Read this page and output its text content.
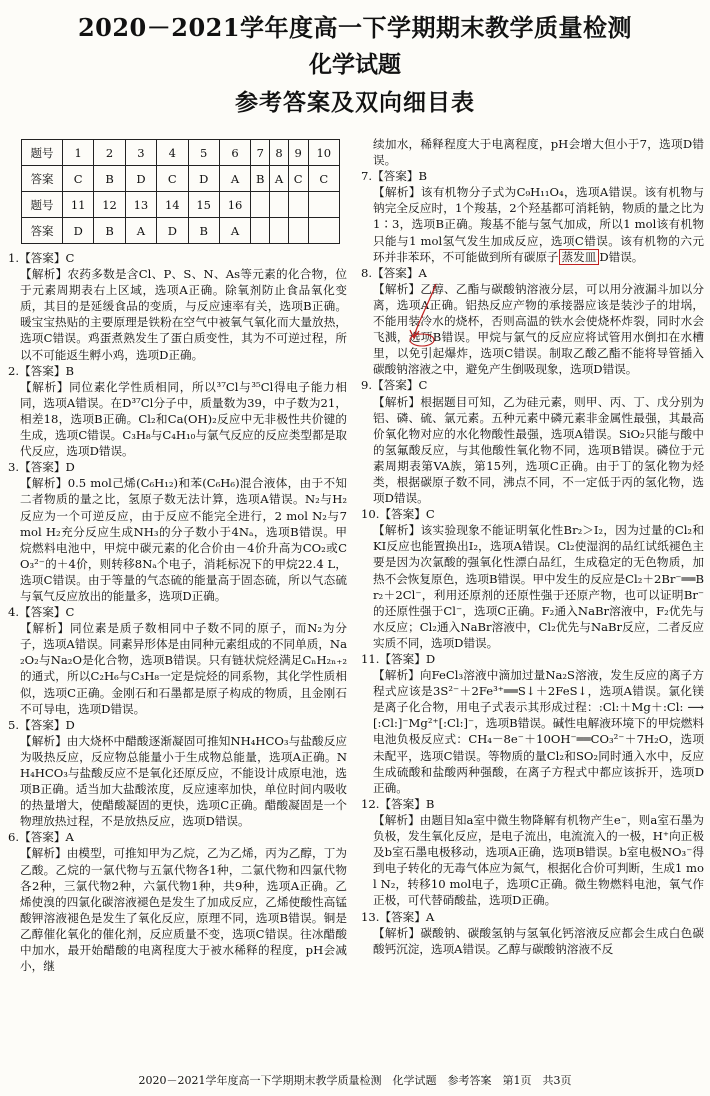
2020－2021学年度高一下学期期末教学质量检测
化学试题
参考答案及双向细目表
题号	1	2	3	4	5	6	7	8	9	10
答案	C	B	D	C	D	A	B	A	C	C
题号	11	12	13	14	15	16				
答案	D	B	A	D	B	A				

1.【答案】C

【解析】农药多数是含Cl、P、S、N、As等元素的化合物，位于元素周期表右上区域，选项A正确。除氧剂防止食品氧化变质，其目的是延缓食品的变质，与反应速率有关，选项B正确。暖宝宝热贴的主要原理是铁粉在空气中被氧气氧化而大量放热，选项C错误。鸡蛋煮熟发生了蛋白质变性，其为不可逆过程，所以不可能返生孵小鸡，选项D正确。

2.【答案】B

【解析】同位素化学性质相同，所以³⁷Cl与³⁵Cl得电子能力相同，选项A错误。在D³⁷Cl分子中，质量数为39，中子数为21，相差18，选项B正确。Cl₂和Ca(OH)₂反应中无非极性共价键的生成，选项C错误。C₃H₈与C₄H₁₀与氯气反应的反应类型都是取代反应，选项D错误。

3.【答案】D

【解析】0.5 mol己烯(C₆H₁₂)和苯(C₆H₆)混合液体，由于不知二者物质的量之比，氢原子数无法计算，选项A错误。N₂与H₂反应为一个可逆反应，由于反应不能完全进行，2 mol N₂与7 mol H₂充分反应生成NH₃的分子数小于4Nₐ，选项B错误。甲烷燃料电池中，甲烷中碳元素的化合价由－4价升高为CO₂或CO₃²⁻的＋4价，则转移8Nₐ个电子，消耗标况下的甲烷22.4 L，选项C错误。由于等量的气态硫的能量高于固态硫，所以气态硫与氧气反应放出的能量多，选项D正确。

4.【答案】C

【解析】同位素是质子数相同中子数不同的原子，而N₂为分子，选项A错误。同素异形体是由同种元素组成的不同单质，Na₂O₂与Na₂O是化合物，选项B错误。只有链状烷烃满足CₙH₂ₙ₊₂的通式，所以C₂H₆与C₃H₈一定是烷烃的同系物，其化学性质相似，选项C正确。金刚石和石墨都是原子构成的物质，且金刚石不可导电，选项D错误。

5.【答案】D

【解析】由大烧杯中醋酸逐渐凝固可推知NH₄HCO₃与盐酸反应为吸热反应，反应物总能量小于生成物总能量，选项A正确。NH₄HCO₃与盐酸反应不是氧化还原反应，不能设计成原电池，选项B正确。适当加大盐酸浓度，反应速率加快，单位时间内吸收的热量增大，使醋酸凝固的更快，选项C正确。醋酸凝固是一个物理放热过程，不是放热反应，选项D错误。

6.【答案】A

【解析】由模型，可推知甲为乙烷，乙为乙烯，丙为乙醇，丁为乙酸。乙烷的一氯代物与五氯代物各1种，二氯代物和四氯代物各2种，三氯代物2种，六氯代物1种，共9种，选项A正确。乙烯使溴的四氯化碳溶液褪色是发生了加成反应，乙烯使酸性高锰酸钾溶液褪色是发生了氧化反应，原理不同，选项B错误。铜是乙醇催化氧化的催化剂，反应质量不变，选项C错误。往冰醋酸中加水，最开始醋酸的电离程度大于被水稀释的程度，pH会减小，继

续加水，稀释程度大于电离程度，pH会增大但小于7，选项D错误。

7.【答案】B

【解析】该有机物分子式为C₉H₁₁O₄，选项A错误。该有机物与钠完全反应时，1个羧基，2个羟基都可消耗钠，物质的量之比为1∶3，选项B正确。羧基不能与氢气加成，所以1 mol该有机物只能与1 mol氢气发生加成反应，选项C错误。该有机物的六元环并非苯环，不可能做到所有碳原子 蒸发皿 D错误。

8.【答案】A

【解析】乙醇、乙酯与碳酸钠溶液分层，可以用分液漏斗加以分离，选项A正确。铝热反应产物的承接器应该是装沙子的坩埚，不能用装冷水的烧杯，否则高温的铁水会使烧杯炸裂，同时水会飞溅，选项B错误。甲烷与氯气的反应应将试管用水倒扣在水槽里，以免引起爆炸，选项C错误。制取乙酸乙酯不能将导管插入碳酸钠溶液之中，避免产生倒吸现象，选项D错误。

9.【答案】C

【解析】根据题目可知，乙为硅元素，则甲、丙、丁、戊分别为铝、磷、硫、氯元素。五种元素中磷元素非金属性最强，其最高价氧化物对应的水化物酸性最强，选项A错误。SiO₂只能与酸中的氢氟酸反应，与其他酸性氧化物不同，选项B错误。磷位于元素周期表第VA族，第15列，选项C正确。由于丁的氢化物为烃类，根据碳原子数不同，沸点不同，不一定低于丙的氢化物，选项D错误。

10.【答案】C

【解析】该实验现象不能证明氧化性Br₂＞I₂，因为过量的Cl₂和KI反应也能置换出I₂，选项A错误。Cl₂使湿润的品红试纸褪色主要是因为次氯酸的强氧化性漂白品红，生成稳定的无色物质，加热不会恢复原色，选项B错误。甲中发生的反应是Cl₂＋2Br⁻══Br₂＋2Cl⁻，利用还原剂的还原性强于还原产物，也可以证明Br⁻的还原性强于Cl⁻，选项C正确。F₂通入NaBr溶液中，F₂优先与水反应；Cl₂通入NaBr溶液中，Cl₂优先与NaBr反应，二者反应实质不同，选项D错误。

11.【答案】D

【解析】向FeCl₃溶液中滴加过量Na₂S溶液，发生反应的离子方程式应该是3S²⁻＋2Fe³⁺══S↓＋2FeS↓，选项A错误。氯化镁是离子化合物，用电子式表示其形成过程：:Cl:＋Mg＋:Cl: ⟶ [:Cl:]⁻Mg²⁺[:Cl:]⁻，选项B错误。碱性电解液环境下的甲烷燃料电池负极反应式：CH₄－8e⁻＋10OH⁻══CO₃²⁻＋7H₂O，选项未配平，选项C错误。等物质的量Cl₂和SO₂同时通入水中，反应生成硫酸和盐酸两种强酸，在离子方程式中都应该拆开，选项D正确。

12.【答案】B

【解析】由题目知a室中微生物降解有机物产生e⁻，则a室石墨为负极，发生氧化反应，是电子流出，电流流入的一极，H⁺向正极及b室石墨电极移动，选项A正确，选项B错误。b室电极NO₃⁻得到电子转化的无毒气体应为氮气，根据化合价可判断，生成1 mol N₂，转移10 mol电子，选项C正确。微生物燃料电池，氧气作正极，可代替硝酸盐，选项D正确。

13.【答案】A

【解析】碳酸钠、碳酸氢钠与氢氧化钙溶液反应都会生成白色碳酸钙沉淀，选项A错误。乙醇与碳酸钠溶液不反

2020－2021学年度高一下学期期末教学质量检测　化学试题　参考答案　第1页　共3页
